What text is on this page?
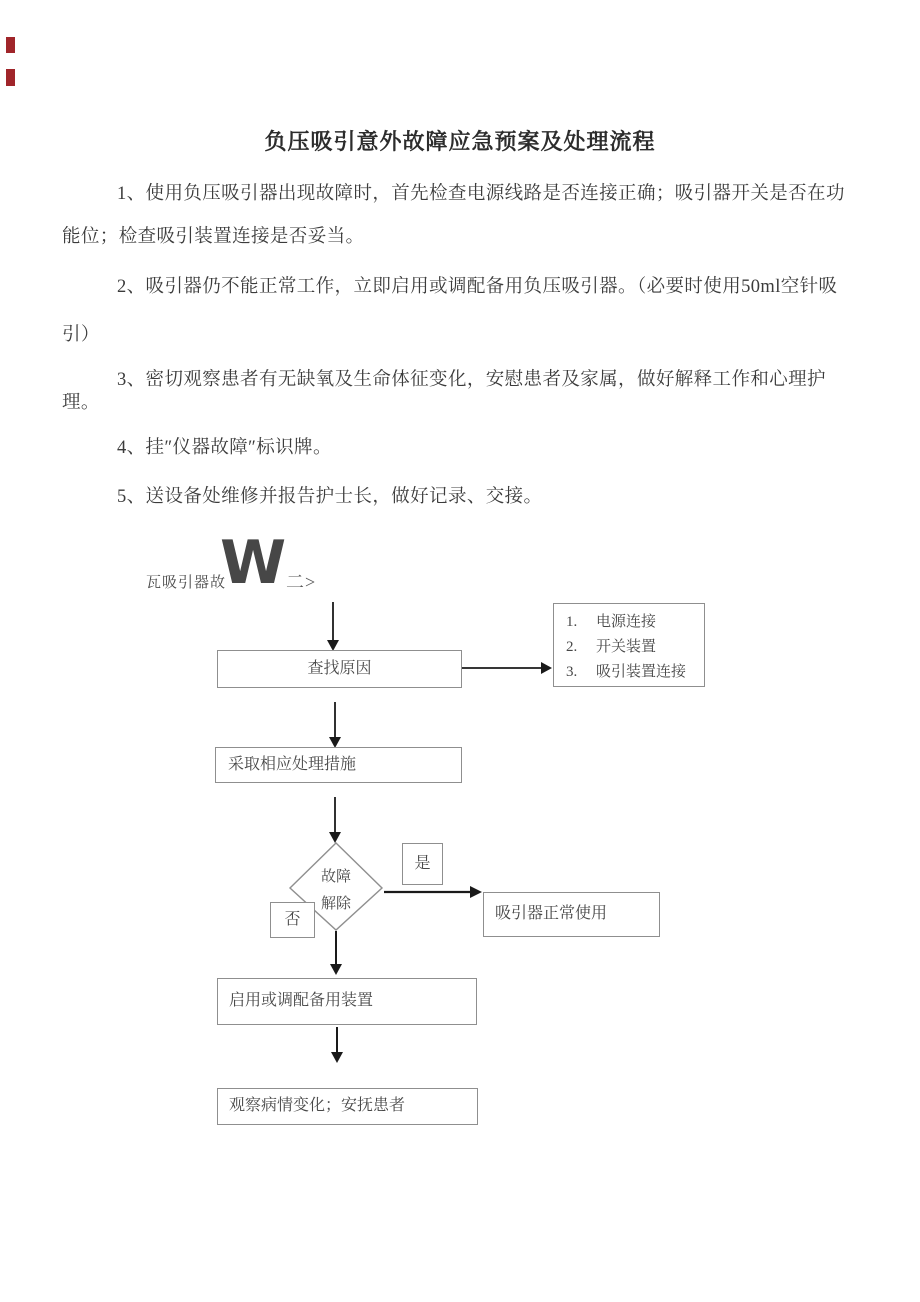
负压吸引意外故障应急预案及处理流程
1、使用负压吸引器出现故障时，首先检查电源线路是否连接正确；吸引器开关是否在功
能位；检查吸引装置连接是否妥当。
2、吸引器仍不能正常工作，立即启用或调配备用负压吸引器。（必要时使用50ml空针吸
引）
3、密切观察患者有无缺氧及生命体征变化，安慰患者及家属，做好解释工作和心理护
理。
4、挂″仪器故障″标识牌。
5、送设备处维修并报告护士长，做好记录、交接。
瓦吸引器故
W 二>
查找原因
1.	电源连接
2.	开关装置
3.	吸引装置连接
采取相应处理措施
故障
解除
是
否	吸引器正常使用
启用或调配备用装置
观察病情变化；安抚患者
